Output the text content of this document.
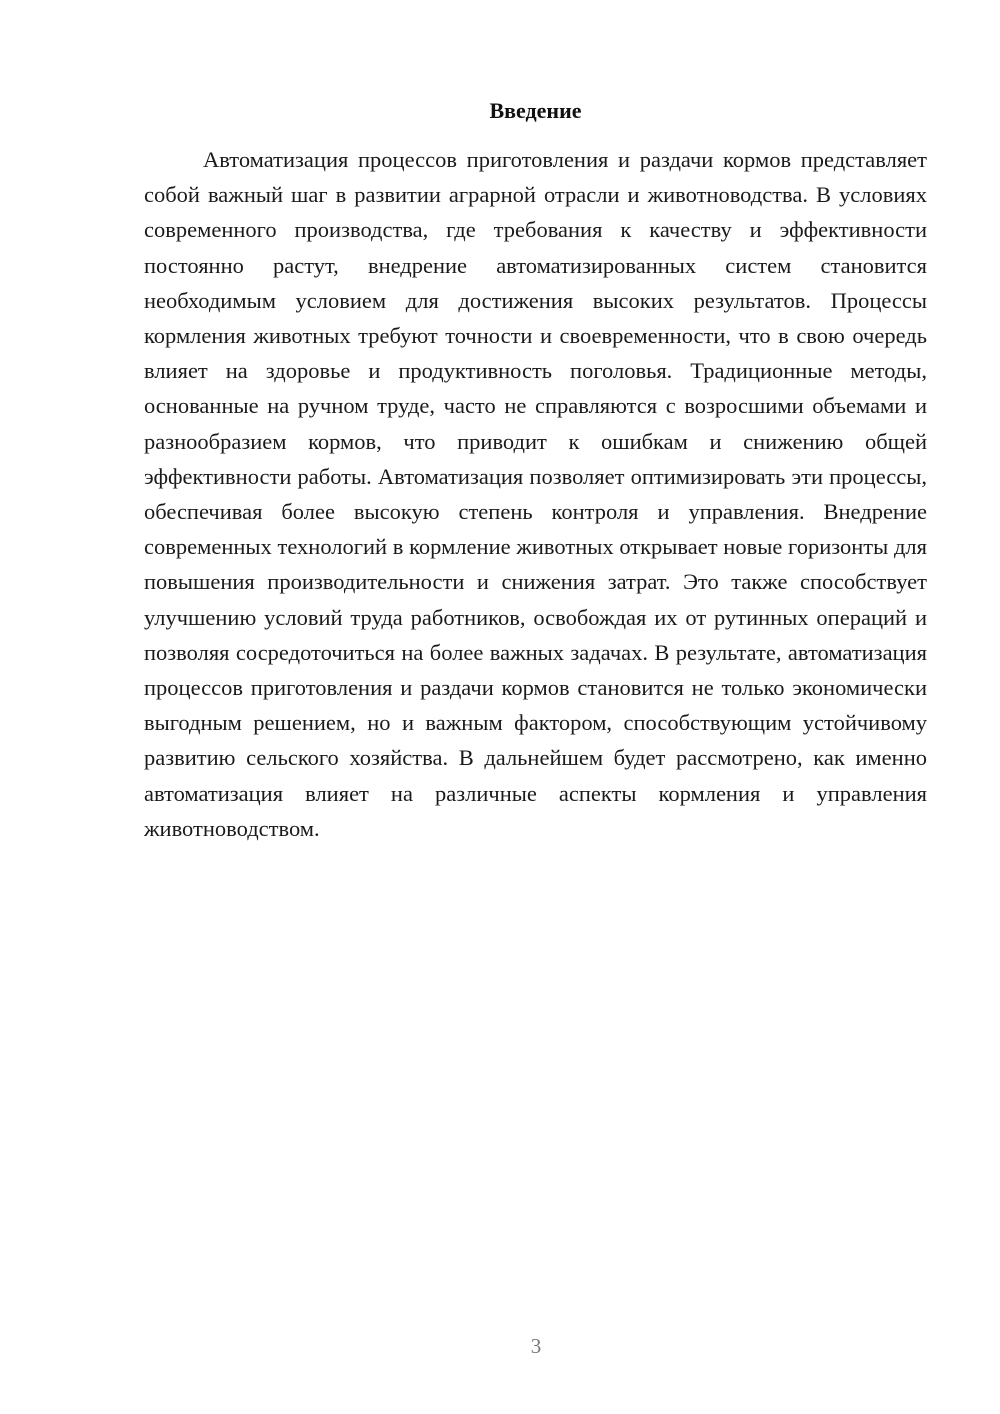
Введение

Автоматизация процессов приготовления и раздачи кормов представляет собой важный шаг в развитии аграрной отрасли и животноводства. В условиях современного производства, где требования к качеству и эффективности постоянно растут, внедрение автоматизированных систем становится необходимым условием для достижения высоких результатов. Процессы кормления животных требуют точности и своевременности, что в свою очередь влияет на здоровье и продуктивность поголовья. Традиционные методы, основанные на ручном труде, часто не справляются с возросшими объемами и разнообразием кормов, что приводит к ошибкам и снижению общей эффективности работы. Автоматизация позволяет оптимизировать эти процессы, обеспечивая более высокую степень контроля и управления. Внедрение современных технологий в кормление животных открывает новые горизонты для повышения производительности и снижения затрат. Это также способствует улучшению условий труда работников, освобождая их от рутинных операций и позволяя сосредоточиться на более важных задачах. В результате, автоматизация процессов приготовления и раздачи кормов становится не только экономически выгодным решением, но и важным фактором, способствующим устойчивому развитию сельского хозяйства. В дальнейшем будет рассмотрено, как именно автоматизация влияет на различные аспекты кормления и управления животноводством.

3
